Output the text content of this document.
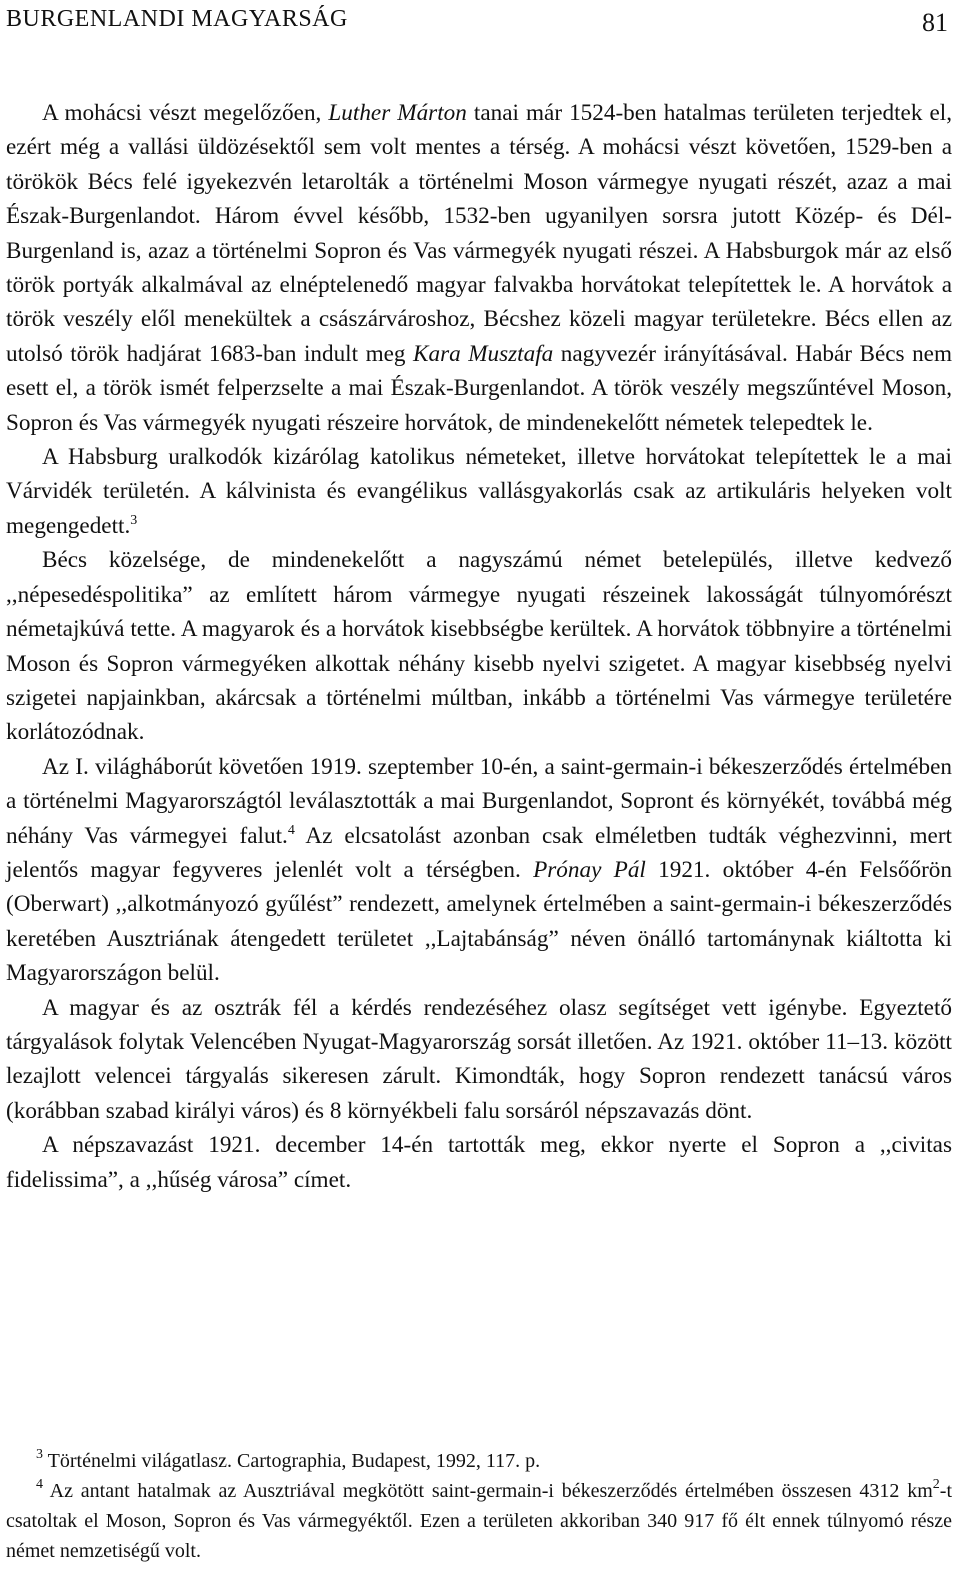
BURGENLANDI MAGYARSÁG	81

A mohácsi vészt megelőzően, Luther Márton tanai már 1524-ben hatalmas területen terjedtek el, ezért még a vallási üldözésektől sem volt mentes a térség. A mohácsi vészt követően, 1529-ben a törökök Bécs felé igyekezvén letarolták a történelmi Moson vármegye nyugati részét, azaz a mai Észak-Burgenlandot. Három évvel később, 1532-ben ugyanilyen sorsra jutott Közép- és Dél-Burgenland is, azaz a történelmi Sopron és Vas vármegyék nyugati részei. A Habsburgok már az első török portyák alkalmával az elnéptelenedő magyar falvakba horvátokat telepítettek le. A horvátok a török veszély elől menekültek a császárvároshoz, Bécshez közeli magyar területekre. Bécs ellen az utolsó török hadjárat 1683-ban indult meg Kara Musztafa nagyvezér irányításával. Habár Bécs nem esett el, a török ismét felperzselte a mai Észak-Burgenlandot. A török veszély megszűntével Moson, Sopron és Vas vármegyék nyugati részeire horvátok, de mindenekelőtt németek telepedtek le.

A Habsburg uralkodók kizárólag katolikus németeket, illetve horvátokat telepítettek le a mai Várvidék területén. A kálvinista és evangélikus vallásgyakorlás csak az artikuláris helyeken volt megengedett.$^3$

Bécs közelsége, de mindenekelőtt a nagyszámú német betelepülés, illetve kedvező ,,népesedéspolitika” az említett három vármegye nyugati részeinek lakosságát túlnyomórészt németajkúvá tette. A magyarok és a horvátok kisebbségbe kerültek. A horvátok többnyire a történelmi Moson és Sopron vármegyéken alkottak néhány kisebb nyelvi szigetet. A magyar kisebbség nyelvi szigetei napjainkban, akárcsak a történelmi múltban, inkább a történelmi Vas vármegye területére korlátozódnak.

Az I. világháborút követően 1919. szeptember 10-én, a saint-germain-i békeszerződés értelmében a történelmi Magyarországtól leválasztották a mai Burgenlandot, Sopront és környékét, továbbá még néhány Vas vármegyei falut.$^4$ Az elcsatolást azonban csak elméletben tudták véghezvinni, mert jelentős magyar fegyveres jelenlét volt a térségben. Prónay Pál 1921. október 4-én Felsőőrön (Oberwart) ,,alkotmányozó gyűlést” rendezett, amelynek értelmében a saint-germain-i békeszerződés keretében Ausztriának átengedett területet ,,Lajtabánság” néven önálló tartománynak kiáltotta ki Magyarországon belül.

A magyar és az osztrák fél a kérdés rendezéséhez olasz segítséget vett igénybe. Egyeztető tárgyalások folytak Velencében Nyugat-Magyarország sorsát illetően. Az 1921. október 11–13. között lezajlott velencei tárgyalás sikeresen zárult. Kimondták, hogy Sopron rendezett tanácsú város (korábban szabad királyi város) és 8 környékbeli falu sorsáról népszavazás dönt.

A népszavazást 1921. december 14-én tartották meg, ekkor nyerte el Sopron a ,,civitas fidelissima”, a ,,hűség városa” címet.

$^3$ Történelmi világatlasz. Cartographia, Budapest, 1992, 117. p.

$^4$ Az antant hatalmak az Ausztriával megkötött saint-germain-i békeszerződés értelmében összesen 4312 $km^2-t$ csatoltak el Moson, Sopron és Vas vármegyéktől. Ezen a területen akkoriban 340 917 fő élt ennek túlnyomó része német nemzetiségű volt.
